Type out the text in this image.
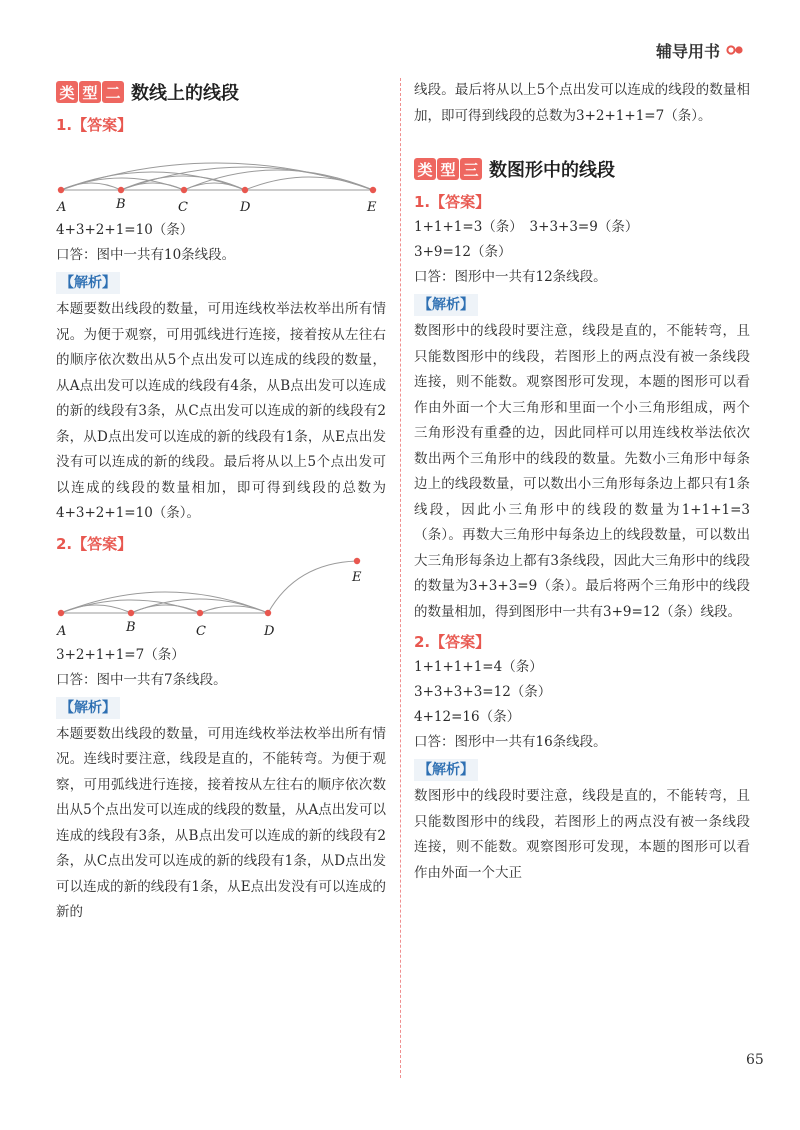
辅导用书
类 型 二 数线上的线段
1.【答案】
A	B	C	D	E
4+3+2+1=10（条）
口答：图中一共有10条线段。
【解析】
本题要数出线段的数量，可用连线枚举法枚举出所有情况。为便于观察，可用弧线进行连接，接着按从左往右的顺序依次数出从5个点出发可以连成的线段的数量，从A点出发可以连成的线段有4条，从B点出发可以连成的新的线段有3条，从C点出发可以连成的新的线段有2条，从D点出发可以连成的新的线段有1条，从E点出发没有可以连成的新的线段。最后将从以上5个点出发可以连成的线段的数量相加，即可得到线段的总数为4+3+2+1=10（条）。
2.【答案】
A	B	C	D
E
3+2+1+1=7（条）
口答：图中一共有7条线段。
【解析】
本题要数出线段的数量，可用连线枚举法枚举出所有情况。连线时要注意，线段是直的，不能转弯。为便于观察，可用弧线进行连接，接着按从左往右的顺序依次数出从5个点出发可以连成的线段的数量，从A点出发可以连成的线段有3条，从B点出发可以连成的新的线段有2条，从C点出发可以连成的新的线段有1条，从D点出发可以连成的新的线段有1条，从E点出发没有可以连成的新的
线段。最后将从以上5个点出发可以连成的线段的数量相加，即可得到线段的总数为3+2+1+1=7（条）。
类 型 三 数图形中的线段
1.【答案】
1+1+1=3（条）　3+3+3=9（条）
3+9=12（条）
口答：图形中一共有12条线段。
【解析】
数图形中的线段时要注意，线段是直的，不能转弯，且只能数图形中的线段，若图形上的两点没有被一条线段连接，则不能数。观察图形可发现，本题的图形可以看作由外面一个大三角形和里面一个小三角形组成，两个三角形没有重叠的边，因此同样可以用连线枚举法依次数出两个三角形中的线段的数量。先数小三角形中每条边上的线段数量，可以数出小三角形每条边上都只有1条线段，因此小三角形中的线段的数量为1+1+1=3（条）。再数大三角形中每条边上的线段数量，可以数出大三角形每条边上都有3条线段，因此大三角形中的线段的数量为3+3+3=9（条）。最后将两个三角形中的线段的数量相加，得到图形中一共有3+9=12（条）线段。
2.【答案】
1+1+1+1=4（条）
3+3+3+3=12（条）
4+12=16（条）
口答：图形中一共有16条线段。
【解析】
数图形中的线段时要注意，线段是直的，不能转弯，且只能数图形中的线段，若图形上的两点没有被一条线段连接，则不能数。观察图形可发现，本题的图形可以看作由外面一个大正
65
